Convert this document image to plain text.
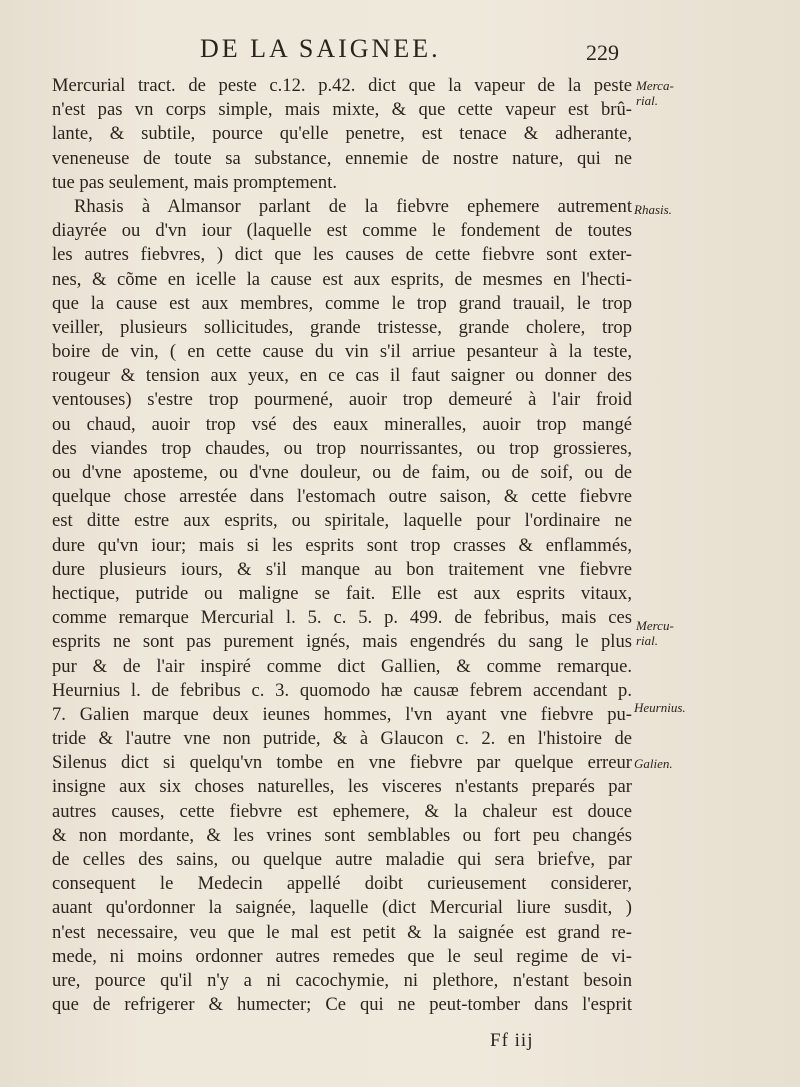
DE LA SAIGNEE.	229
Mercurial tract. de peste c.12. p.42. dict que la vapeur de la peste
n'est pas vn corps simple, mais mixte, & que cette vapeur est brû-
lante, & subtile, pource qu'elle penetre, est tenace & adherante,
veneneuse de toute sa substance, ennemie de nostre nature, qui ne
tue pas seulement, mais promptement.
Rhasis à Almansor parlant de la fiebvre ephemere autrement
diayrée ou d'vn iour (laquelle est comme le fondement de toutes
les autres fiebvres, ) dict que les causes de cette fiebvre sont exter-
nes, & cõme en icelle la cause est aux esprits, de mesmes en l'hecti-
que la cause est aux membres, comme le trop grand trauail, le trop
veiller, plusieurs sollicitudes, grande tristesse, grande cholere, trop
boire de vin, ( en cette cause du vin s'il arriue pesanteur à la teste,
rougeur & tension aux yeux, en ce cas il faut saigner ou donner des
ventouses) s'estre trop pourmené, auoir trop demeuré à l'air froid
ou chaud, auoir trop vsé des eaux mineralles, auoir trop mangé
des viandes trop chaudes, ou trop nourrissantes, ou trop grossieres,
ou d'vne aposteme, ou d'vne douleur, ou de faim, ou de soif, ou de
quelque chose arrestée dans l'estomach outre saison, & cette fiebvre
est ditte estre aux esprits, ou spiritale, laquelle pour l'ordinaire ne
dure qu'vn iour; mais si les esprits sont trop crasses & enflammés,
dure plusieurs iours, & s'il manque au bon traitement vne fiebvre
hectique, putride ou maligne se fait. Elle est aux esprits vitaux,
comme remarque Mercurial l. 5. c. 5. p. 499. de febribus, mais ces
esprits ne sont pas purement ignés, mais engendrés du sang le plus
pur & de l'air inspiré comme dict Gallien, & comme remarque.
Heurnius l. de febribus c. 3. quomodo hæ causæ febrem accendant p.
7. Galien marque deux ieunes hommes, l'vn ayant vne fiebvre pu-
tride & l'autre vne non putride, & à Glaucon c. 2. en l'histoire de
Silenus dict si quelqu'vn tombe en vne fiebvre par quelque erreur
insigne aux six choses naturelles, les visceres n'estants preparés par
autres causes, cette fiebvre est ephemere, & la chaleur est douce
& non mordante, & les vrines sont semblables ou fort peu changés
de celles des sains, ou quelque autre maladie qui sera briefve, par
consequent le Medecin appellé doibt curieusement considerer,
auant qu'ordonner la saignée, laquelle (dict Mercurial liure susdit, )
n'est necessaire, veu que le mal est petit & la saignée est grand re-
mede, ni moins ordonner autres remedes que le seul regime de vi-
ure, pource qu'il n'y a ni cacochymie, ni plethore, n'estant besoin
que de refrigerer & humecter; Ce qui ne peut-tomber dans l'esprit
Merca-
rial.
Rhasis.
Mercu-
rial.
Heurnius.
Galien.
Ff iij
